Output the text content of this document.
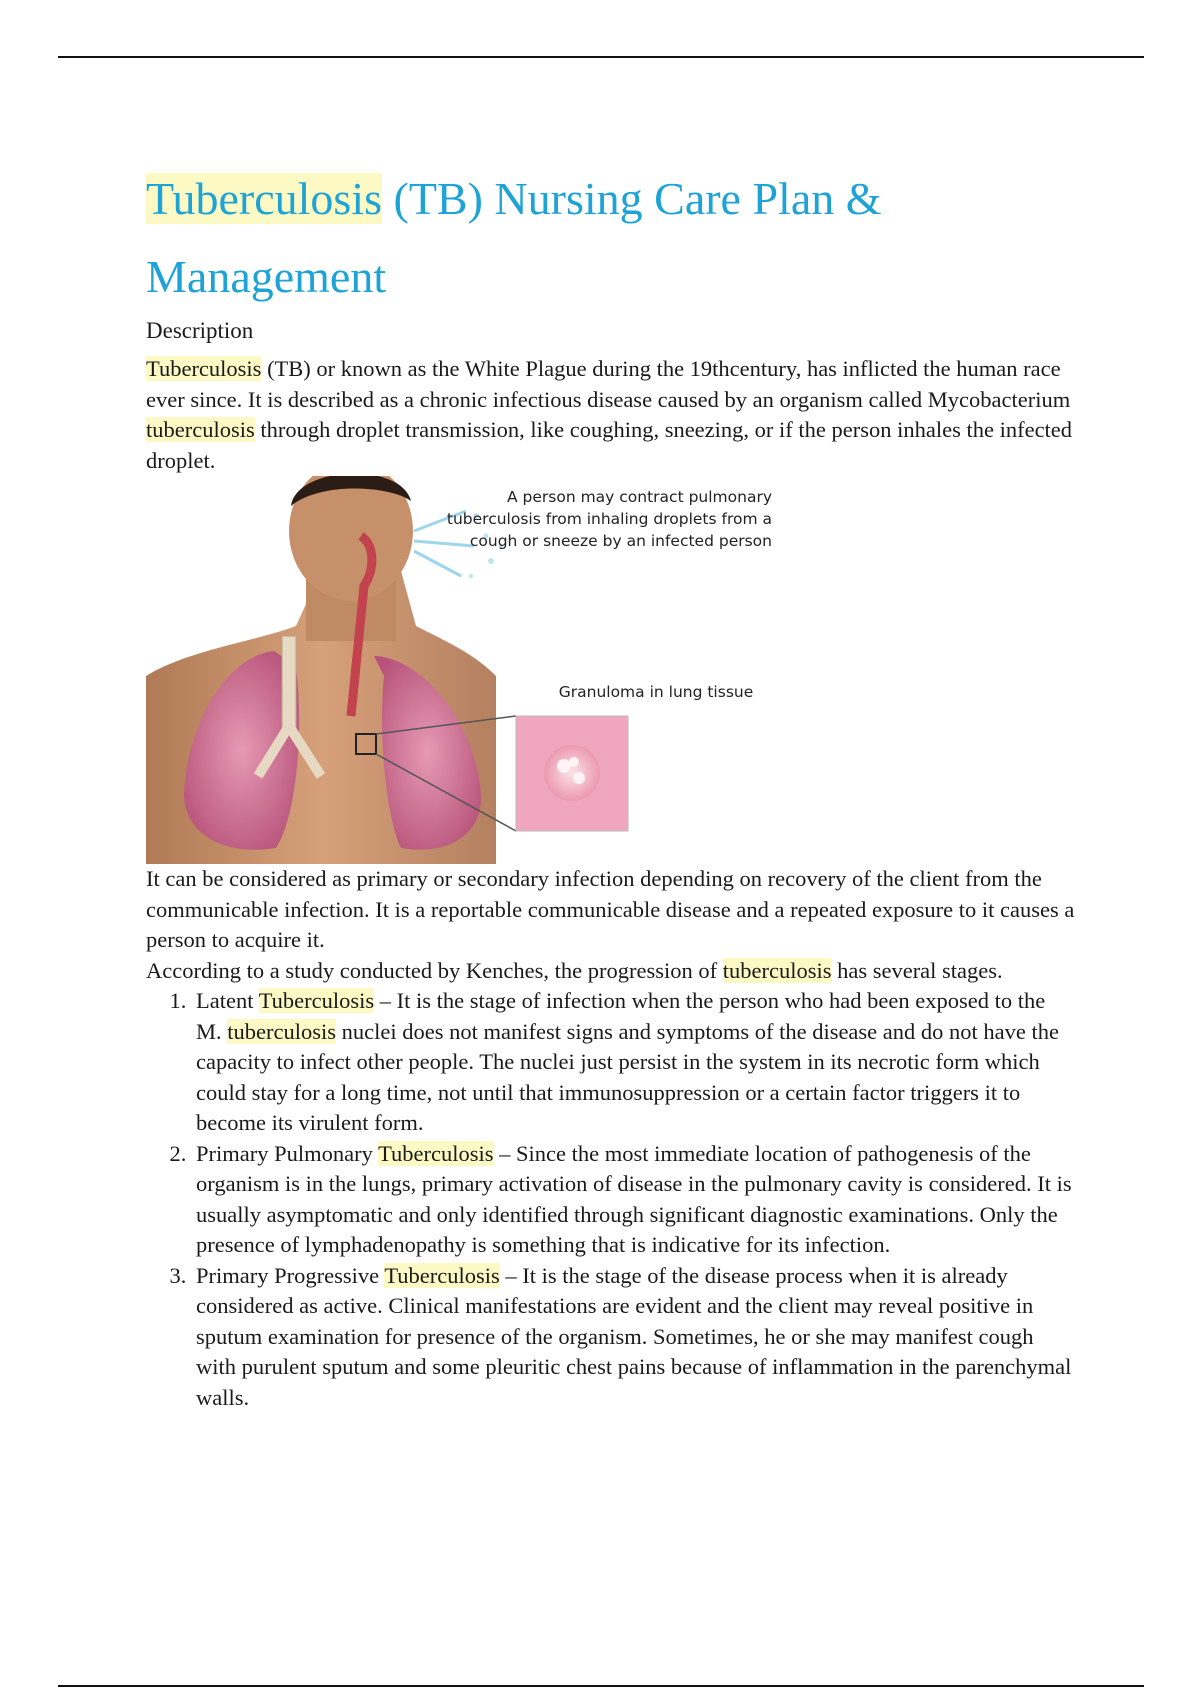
Tuberculosis (TB) Nursing Care Plan & Management
Description

Tuberculosis (TB) or known as the White Plague during the 19thcentury, has inflicted the human race ever since. It is described as a chronic infectious disease caused by an organism called Mycobacterium tuberculosis through droplet transmission, like coughing, sneezing, or if the person inhales the infected droplet.

A person may contract pulmonary tuberculosis from inhaling droplets from a cough or sneeze by an infected person
Granuloma in lung tissue

It can be considered as primary or secondary infection depending on recovery of the client from the communicable infection. It is a reportable communicable disease and a repeated exposure to it causes a person to acquire it.

According to a study conducted by Kenches, the progression of tuberculosis has several stages.

1. Latent Tuberculosis – It is the stage of infection when the person who had been exposed to the M. tuberculosis nuclei does not manifest signs and symptoms of the disease and do not have the capacity to infect other people. The nuclei just persist in the system in its necrotic form which could stay for a long time, not until that immunosuppression or a certain factor triggers it to become its virulent form.
2. Primary Pulmonary Tuberculosis – Since the most immediate location of pathogenesis of the organism is in the lungs, primary activation of disease in the pulmonary cavity is considered. It is usually asymptomatic and only identified through significant diagnostic examinations. Only the presence of lymphadenopathy is something that is indicative for its infection.
3. Primary Progressive Tuberculosis – It is the stage of the disease process when it is already considered as active. Clinical manifestations are evident and the client may reveal positive in sputum examination for presence of the organism. Sometimes, he or she may manifest cough with purulent sputum and some pleuritic chest pains because of inflammation in the parenchymal walls.
